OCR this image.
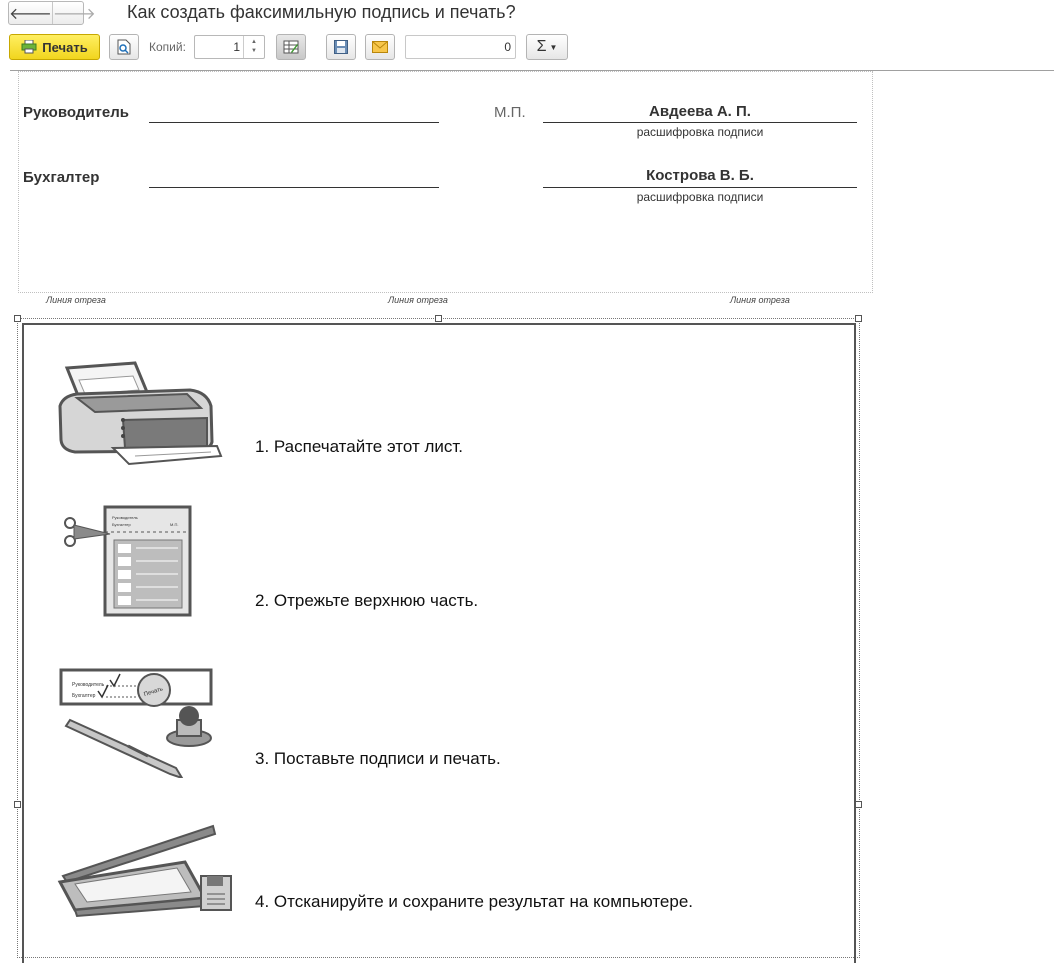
🡐 🡒 Как создать факсимильную подпись и печать?
Печать	Копий:	1 ▲
▼	0 Σ ▼
Руководитель	М.П.	Авдеева А. П.
расшифровка подписи
Бухгалтер	Кострова В. Б.
расшифровка подписи
Линия отреза	Линия отреза	Линия отреза
1. Распечатайте этот лист.
Руководитель
Бухгалтер	М.П.
2. Отрежьте верхнюю часть.
Руководитель
Бухгалтер	Печать
3. Поставьте подписи и печать.
4. Отсканируйте и сохраните результат на компьютере.
